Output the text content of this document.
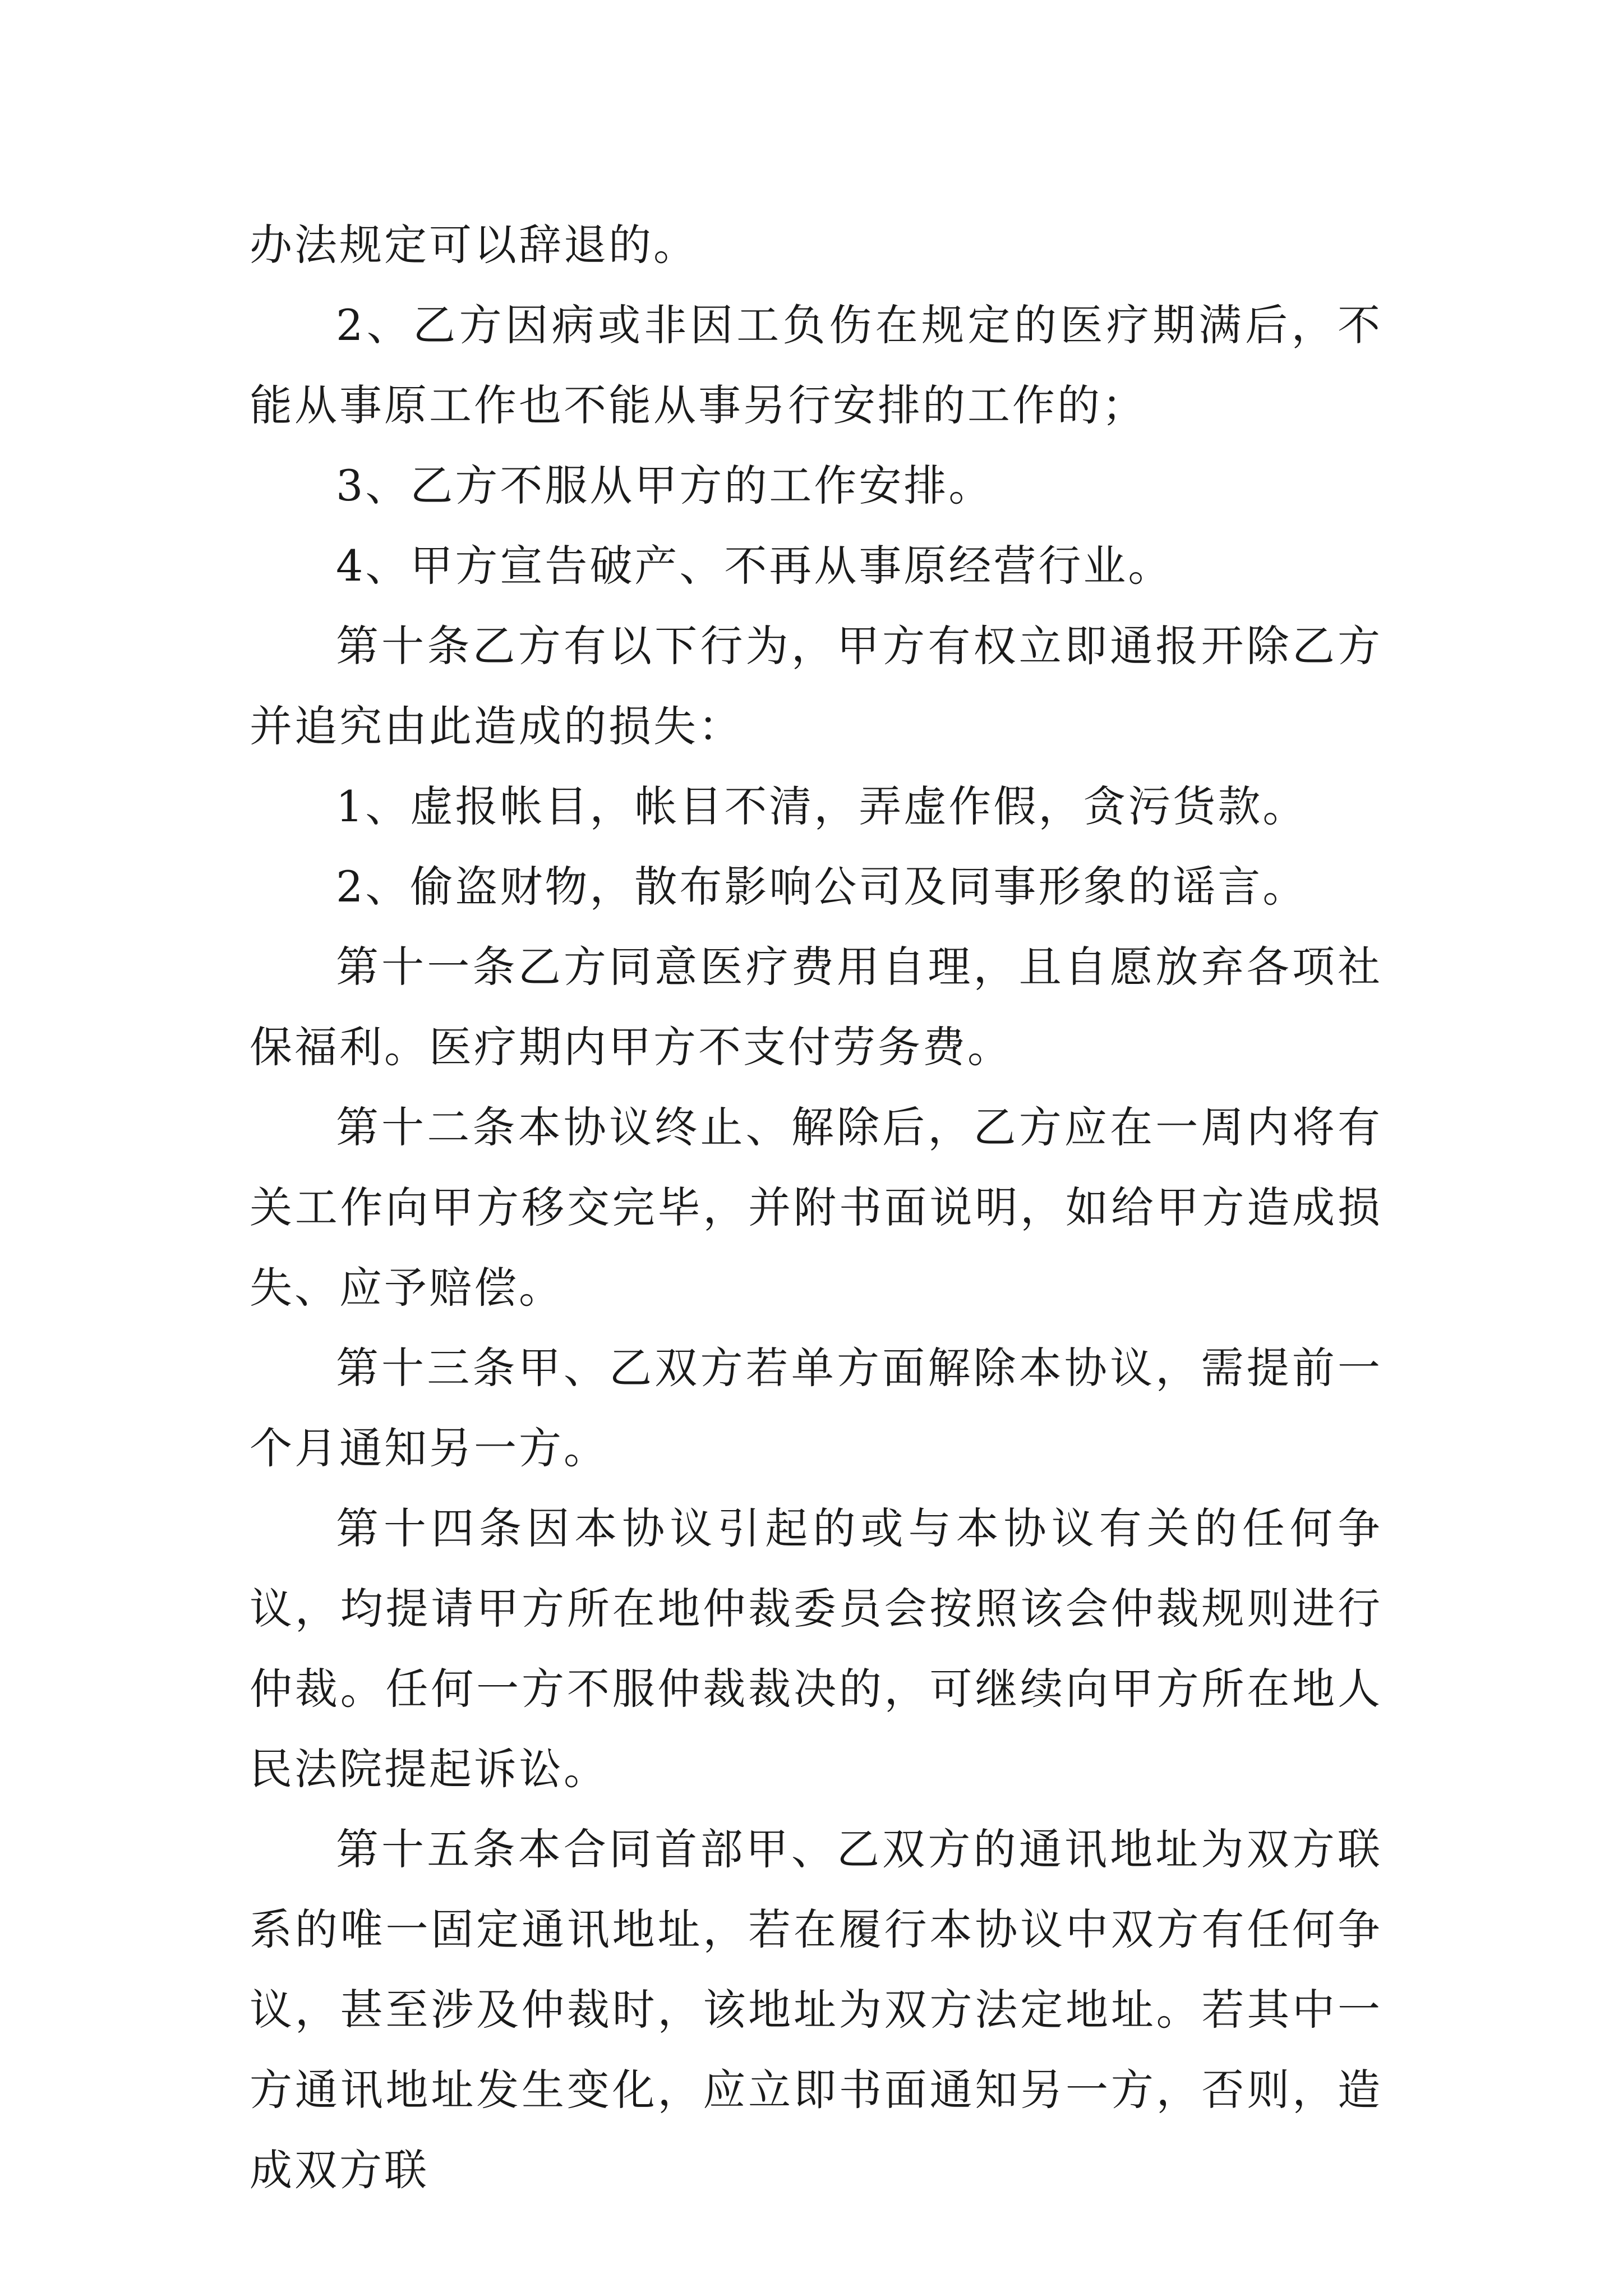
办法规定可以辞退的。

2、乙方因病或非因工负伤在规定的医疗期满后，不能从事原工作也不能从事另行安排的工作的；

3、乙方不服从甲方的工作安排。

4、甲方宣告破产、不再从事原经营行业。

第十条乙方有以下行为，甲方有权立即通报开除乙方并追究由此造成的损失：

1、虚报帐目，帐目不清，弄虚作假，贪污货款。

2、偷盗财物，散布影响公司及同事形象的谣言。

第十一条乙方同意医疗费用自理，且自愿放弃各项社保福利。医疗期内甲方不支付劳务费。

第十二条本协议终止、解除后，乙方应在一周内将有关工作向甲方移交完毕，并附书面说明，如给甲方造成损失、应予赔偿。

第十三条甲、乙双方若单方面解除本协议，需提前一个月通知另一方。

第十四条因本协议引起的或与本协议有关的任何争议，均提请甲方所在地仲裁委员会按照该会仲裁规则进行仲裁。任何一方不服仲裁裁决的，可继续向甲方所在地人民法院提起诉讼。

第十五条本合同首部甲、乙双方的通讯地址为双方联系的唯一固定通讯地址，若在履行本协议中双方有任何争议，甚至涉及仲裁时，该地址为双方法定地址。若其中一方通讯地址发生变化，应立即书面通知另一方，否则，造成双方联
